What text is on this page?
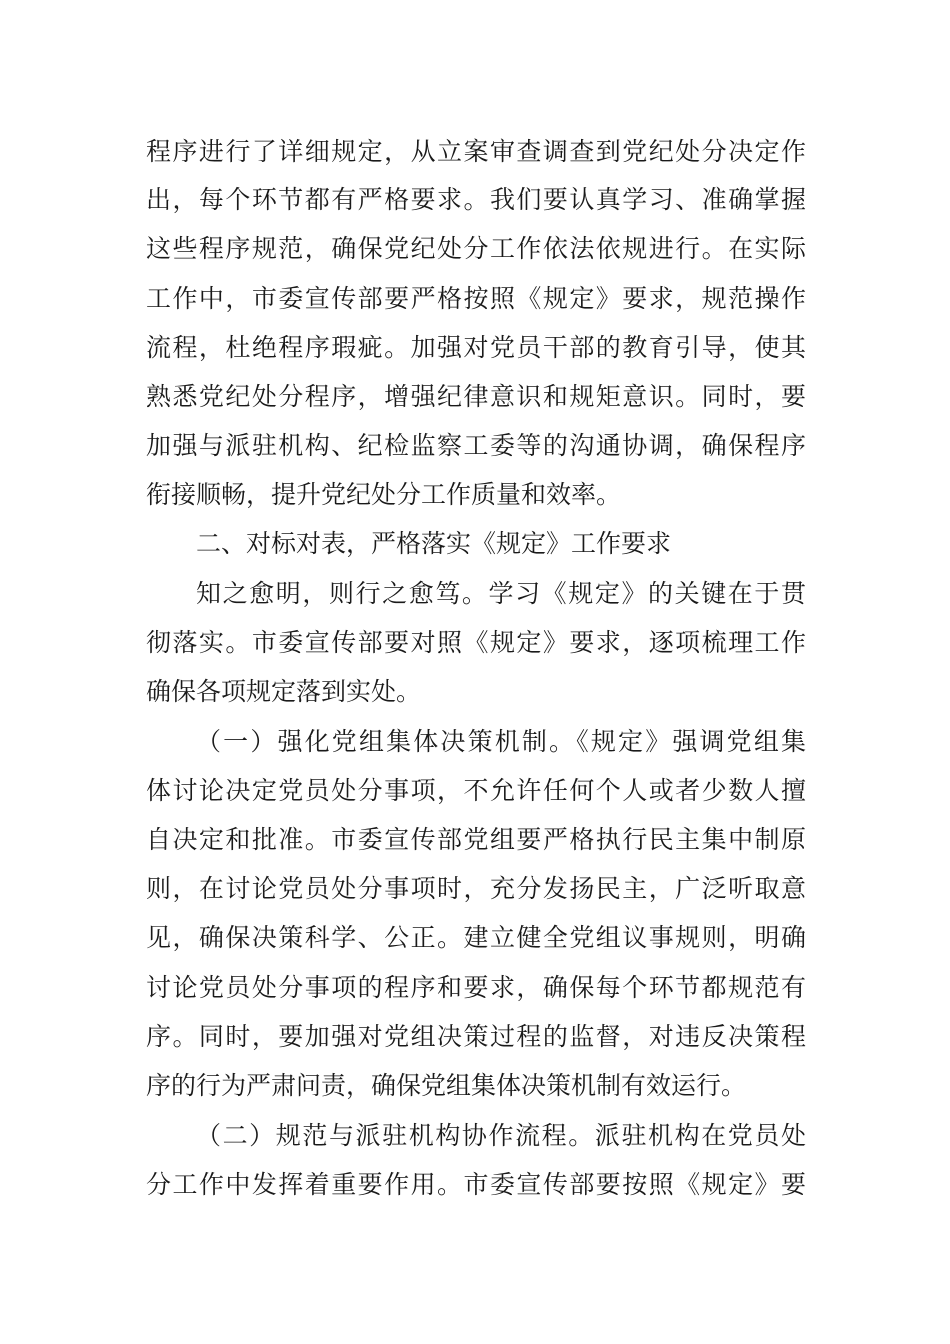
程序进行了详细规定，从立案审查调查到党纪处分决定作
出，每个环节都有严格要求。我们要认真学习、准确掌握
这些程序规范，确保党纪处分工作依法依规进行。在实际
工作中，市委宣传部要严格按照《规定》要求，规范操作
流程，杜绝程序瑕疵。加强对党员干部的教育引导，使其
熟悉党纪处分程序，增强纪律意识和规矩意识。同时，要
加强与派驻机构、纪检监察工委等的沟通协调，确保程序
衔接顺畅，提升党纪处分工作质量和效率。
二、对标对表，严格落实《规定》工作要求
知之愈明，则行之愈笃。学习《规定》的关键在于贯
彻落实。市委宣传部要对照《规定》要求，逐项梳理工作
确保各项规定落到实处。
（一）强化党组集体决策机制。《规定》强调党组集
体讨论决定党员处分事项，不允许任何个人或者少数人擅
自决定和批准。市委宣传部党组要严格执行民主集中制原
则，在讨论党员处分事项时，充分发扬民主，广泛听取意
见，确保决策科学、公正。建立健全党组议事规则，明确
讨论党员处分事项的程序和要求，确保每个环节都规范有
序。同时，要加强对党组决策过程的监督，对违反决策程
序的行为严肃问责，确保党组集体决策机制有效运行。
（二）规范与派驻机构协作流程。派驻机构在党员处
分工作中发挥着重要作用。市委宣传部要按照《规定》要
